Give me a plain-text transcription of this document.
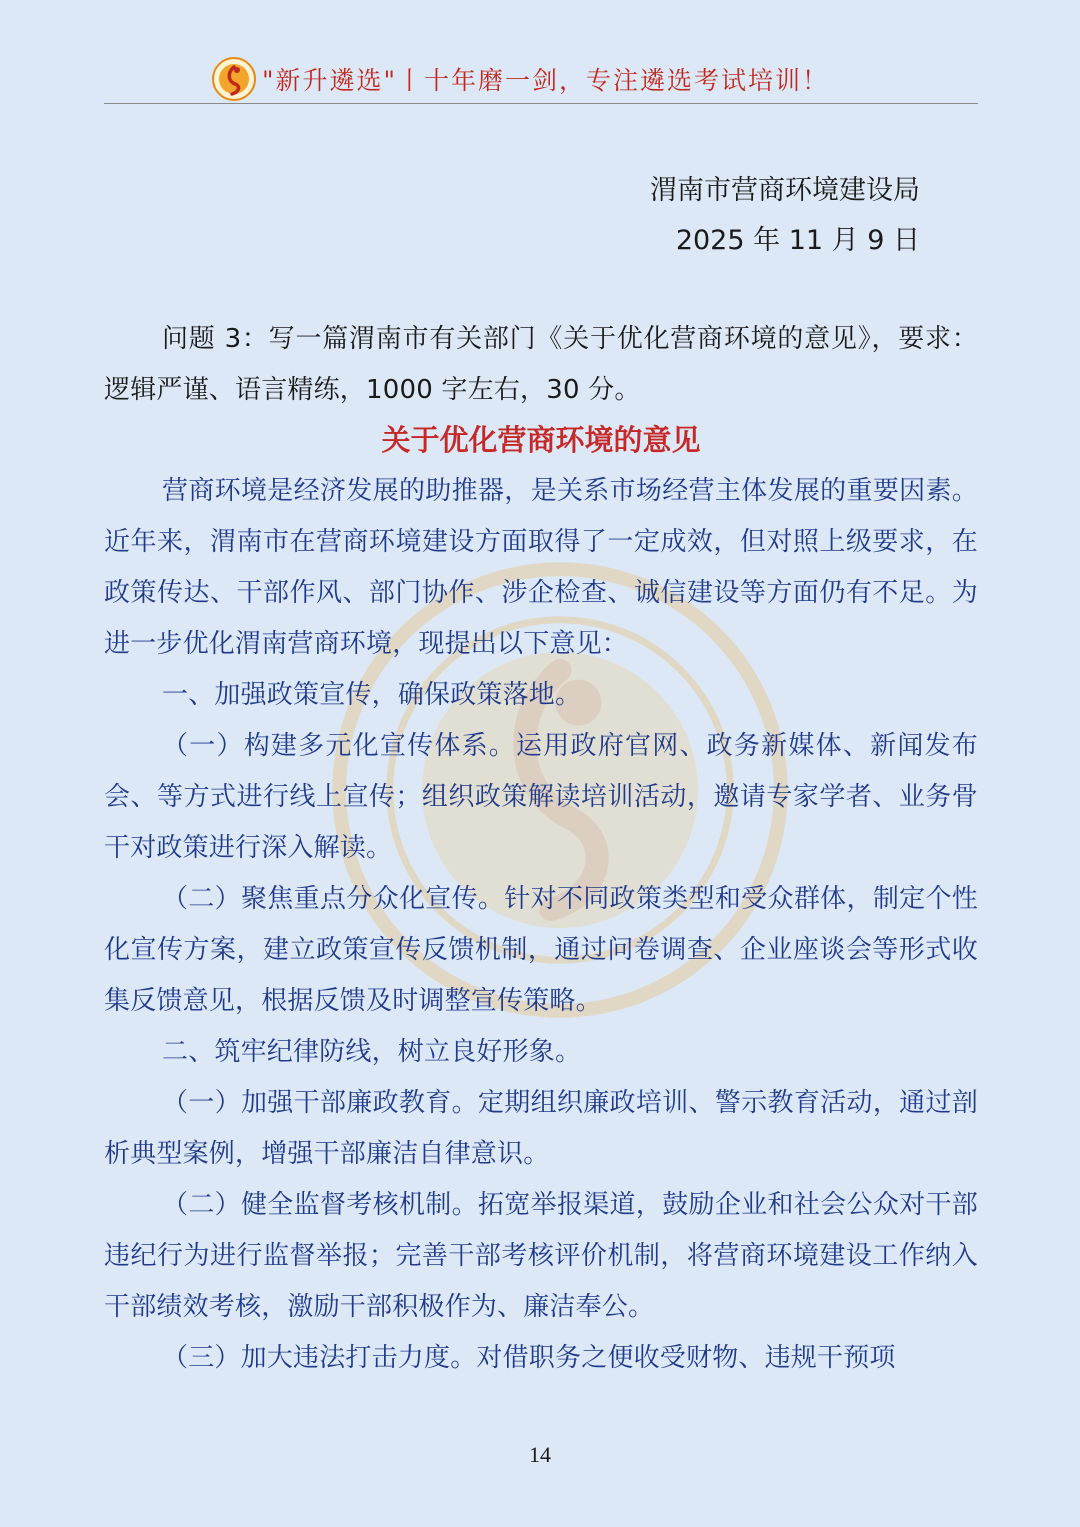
"新升遴选"丨十年磨一剑，专注遴选考试培训！
渭南市营商环境建设局
2025 年 11 月 9 日
问题 3：写一篇渭南市有关部门《关于优化营商环境的意见》，要求：逻辑严谨、语言精练，1000 字左右，30 分。
关于优化营商环境的意见

营商环境是经济发展的助推器，是关系市场经营主体发展的重要因素。近年来，渭南市在营商环境建设方面取得了一定成效，但对照上级要求，在政策传达、干部作风、部门协作、涉企检查、诚信建设等方面仍有不足。为进一步优化渭南营商环境，现提出以下意见：

一、加强政策宣传，确保政策落地。

（一）构建多元化宣传体系。运用政府官网、政务新媒体、新闻发布会、等方式进行线上宣传；组织政策解读培训活动，邀请专家学者、业务骨干对政策进行深入解读。

（二）聚焦重点分众化宣传。针对不同政策类型和受众群体，制定个性化宣传方案，建立政策宣传反馈机制，通过问卷调查、企业座谈会等形式收集反馈意见，根据反馈及时调整宣传策略。

二、筑牢纪律防线，树立良好形象。

（一）加强干部廉政教育。定期组织廉政培训、警示教育活动，通过剖析典型案例，增强干部廉洁自律意识。

（二）健全监督考核机制。拓宽举报渠道，鼓励企业和社会公众对干部违纪行为进行监督举报；完善干部考核评价机制，将营商环境建设工作纳入干部绩效考核，激励干部积极作为、廉洁奉公。

（三）加大违法打击力度。对借职务之便收受财物、违规干预项

14
